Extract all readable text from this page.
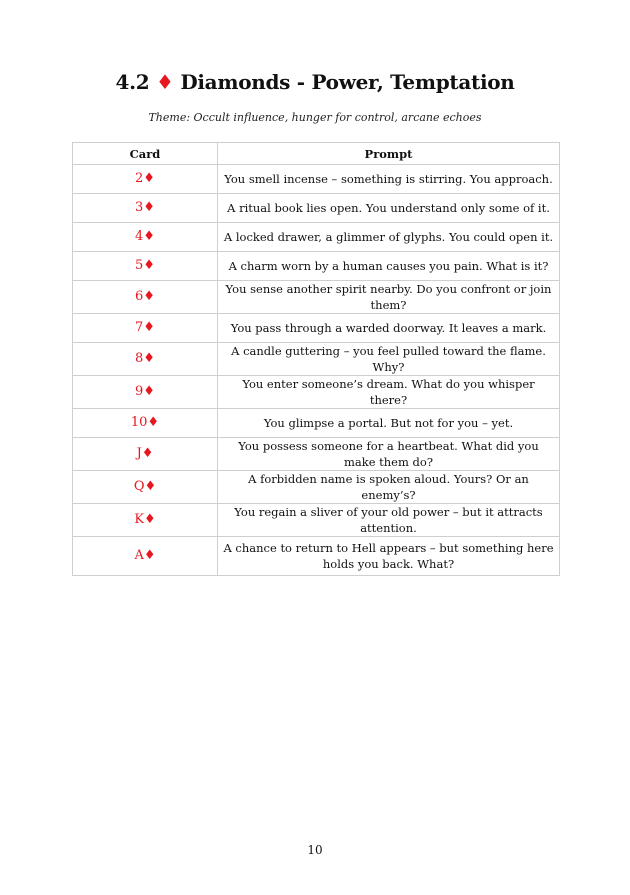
4.2 ♦ Diamonds - Power, Temptation
Theme: Occult influence, hunger for control, arcane echoes
Card	Prompt
2♦	You smell incense – something is stirring. You approach.
3♦	A ritual book lies open. You understand only some of it.
4♦	A locked drawer, a glimmer of glyphs. You could open it.
5♦	A charm worn by a human causes you pain. What is it?
6♦	You sense another spirit nearby. Do you confront or join them?
7♦	You pass through a warded doorway. It leaves a mark.
8♦	A candle guttering – you feel pulled toward the flame. Why?
9♦	You enter someone’s dream. What do you whisper there?
10♦	You glimpse a portal. But not for you – yet.
J♦	You possess someone for a heartbeat. What did you make them do?
Q♦	A forbidden name is spoken aloud. Yours? Or an enemy’s?
K♦	You regain a sliver of your old power – but it attracts attention.
A♦	A chance to return to Hell appears – but something here holds you back. What?
10
